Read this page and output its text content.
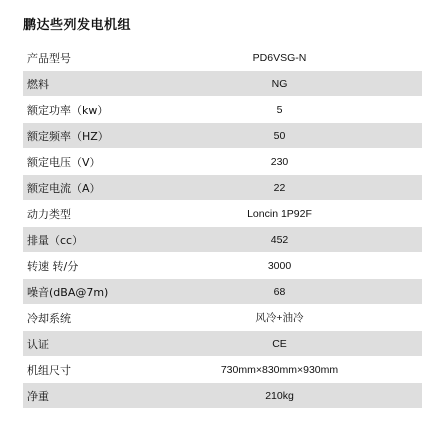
鹏达些列发电机组
产品型号	PD6VSG-N
燃料	NG
额定功率（kw）	5
额定频率（HZ）	50
额定电压（V）	230
额定电流（A）	22
动力类型	Loncin 1P92F
排量（cc）	452
转速 转/分	3000
噪音(dBA@7m)	68
冷却系统	风冷+油冷
认证	CE
机组尺寸	730mm×830mm×930mm
净重	210kg
